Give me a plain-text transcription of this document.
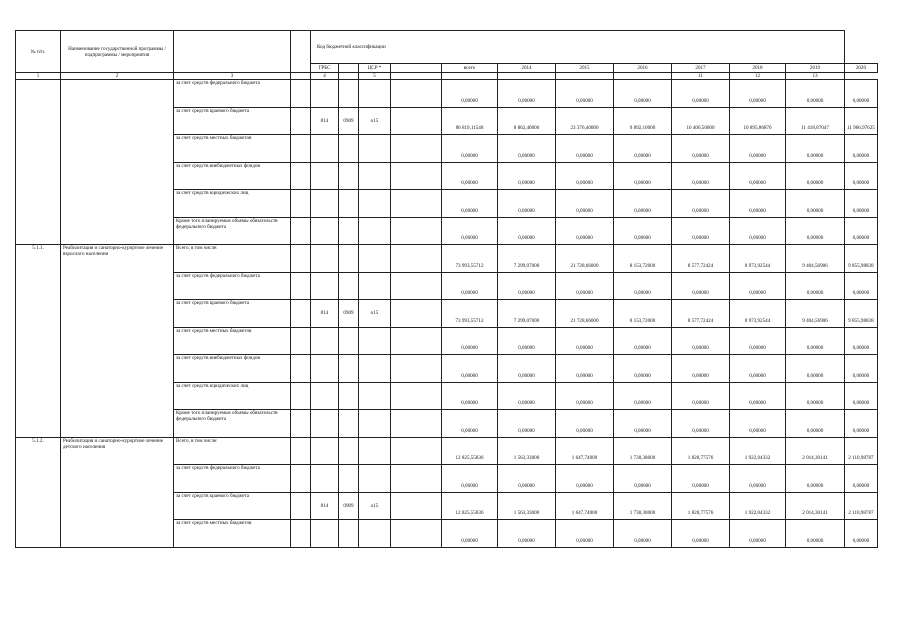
№ п/п.	Наименование государственной программы / подпрограммы / мероприятия			Код бюджетной классификации											
				ГРБС		ЦСР *		всего	2014	2015	2016	2017	2018	2019	2020
1	2	3		4		5						11	12	13	
		за счет средств федерального бюджета						0,00000	0,00000	0,00000	0,00000	0,00000	0,00000	0,00000	0,00000
		за счет средств краевого бюджета		814	0909	о15		86 819,11548	8 862,40000	23 376,40000	9 892,10000	10 406,50000	10 895,86876	11 418,87047	11 966,97625
		за счет средств местных бюджетов						0,00000	0,00000	0,00000	0,00000	0,00000	0,00000	0,00000	0,00000
		за счет средств внебюджетных фондов						0,00000	0,00000	0,00000	0,00000	0,00000	0,00000	0,00000	0,00000
		за счет средств юридических лиц						0,00000	0,00000	0,00000	0,00000	0,00000	0,00000	0,00000	0,00000
		Кроме того планируемые объемы обязательств федерального бюджета						0,00000	0,00000	0,00000	0,00000	0,00000	0,00000	0,00000	0,00000
5.1.1.	Реабилитация и санаторно-курортное лечение взрослого населения	Всего, в том числе:						73 993,55712	7 299,07000	21 728,66000	8 153,72000	8 577,72424	8 973,92544	9 404,56906	9 855,98838
		за счет средств федерального бюджета						0,00000	0,00000	0,00000	0,00000	0,00000	0,00000	0,00000	0,00000
		за счет средств краевого бюджета		814	0909	о15		73 993,55712	7 299,07000	21 728,66000	8 153,72000	8 577,72424	8 973,92544	9 404,56906	9 855,98838
		за счет средств местных бюджетов						0,00000	0,00000	0,00000	0,00000	0,00000	0,00000	0,00000	0,00000
		за счет средств внебюджетных фондов						0,00000	0,00000	0,00000	0,00000	0,00000	0,00000	0,00000	0,00000
		за счет средств юридических лиц						0,00000	0,00000	0,00000	0,00000	0,00000	0,00000	0,00000	0,00000
		Кроме того планируемые объемы обязательств федерального бюджета						0,00000	0,00000	0,00000	0,00000	0,00000	0,00000	0,00000	0,00000
5.1.2.	Реабилитация и санаторно-курортное лечение детского населения	Всего, в том числе:						12 825,55836	1 563,33000	1 647,74000	1 738,38000	1 828,77576	1 922,04332	2 014,30141	2 110,98787
		за счет средств федерального бюджета						0,00000	0,00000	0,00000	0,00000	0,00000	0,00000	0,00000	0,00000
		за счет средств краевого бюджета		814	0909	о15		12 825,55836	1 563,33000	1 647,74000	1 738,38000	1 828,77576	1 922,04332	2 014,30141	2 110,98787
		за счет средств местных бюджетов						0,00000	0,00000	0,00000	0,00000	0,00000	0,00000	0,00000	0,00000
